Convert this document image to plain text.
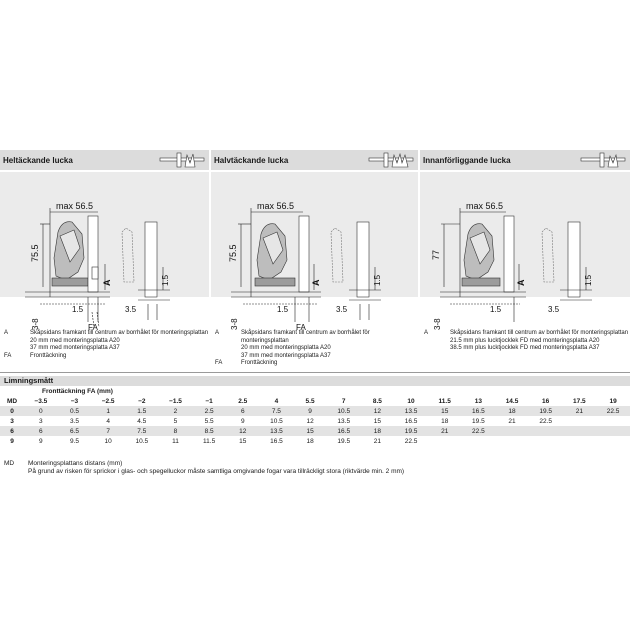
Heltäckande lucka
max 56.5
75.5
A
3-8
1.5
FA
3.5
1.5
A	Skåpsidans framkant till centrum av borrhålet för monteringsplattan
20 mm med monteringsplatta A20
37 mm med monteringsplatta A37
FA	Fronttäckning
Halvtäckande lucka
max 56.5
75.5
A
3-8
1.5
FA
3.5
1.5
A	Skåpsidans framkant till centrum av borrhålet för monteringsplattan
20 mm med monteringsplatta A20
37 mm med monteringsplatta A37
FA	Fronttäckning
Innanförliggande lucka
max 56.5
77
A
3-8
1.5	3.5
1.5
A	Skåpsidans framkant till centrum av borrhålet för monteringsplattan
21.5 mm plus lucktjocklek FD med monteringsplatta A20
38.5 mm plus lucktjocklek FD med monteringsplatta A37
Limningsmått
	Fronttäckning FA (mm)																	
MD	−3.5	−3	−2.5	−2	−1.5	−1	2.5	4	5.5	7	8.5	10	11.5	13	14.5	16	17.5	19
0	0	0.5	1	1.5	2	2.5	6	7.5	9	10.5	12	13.5	15	16.5	18	19.5	21	22.5
3	3	3.5	4	4.5	5	5.5	9	10.5	12	13.5	15	16.5	18	19.5	21	22.5		
6	6	6.5	7	7.5	8	8.5	12	13.5	15	16.5	18	19.5	21	22.5				
9	9	9.5	10	10.5	11	11.5	15	16.5	18	19.5	21	22.5						
MD	Monteringsplattans distans (mm)
På grund av risken för sprickor i glas- och spegelluckor måste samtliga omgivande fogar vara tillräckligt stora (riktvärde min. 2 mm)
